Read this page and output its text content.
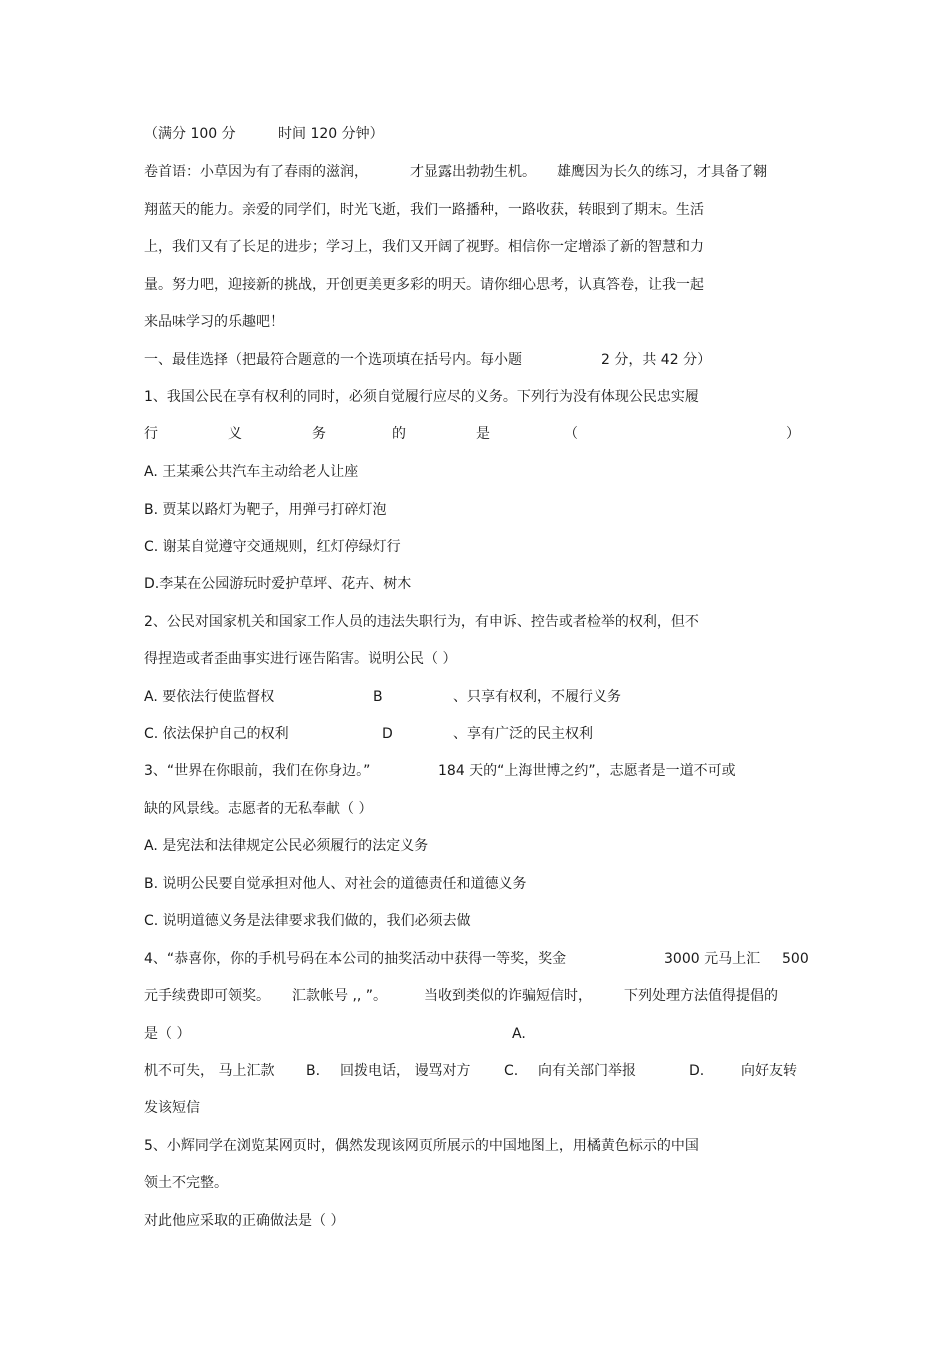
（满分 100 分	时间 120 分钟）
卷首语：小草因为有了春雨的滋润，	才显露出勃勃生机。 雄鹰因为长久的练习，才具备了翱
翔蓝天的能力。亲爱的同学们，时光飞逝，我们一路播种，一路收获，转眼到了期末。生活
上，我们又有了长足的进步；学习上，我们又开阔了视野。相信你一定增添了新的智慧和力
量。努力吧，迎接新的挑战，开创更美更多彩的明天。请你细心思考，认真答卷，让我一起
来品味学习的乐趣吧！
一、最佳选择（把最符合题意的一个选项填在括号内。每小题	2 分，共 42 分）
1、我国公民在享有权利的同时，必须自觉履行应尽的义务。下列行为没有体现公民忠实履
行	义	务	的	是	（	）
A. 王某乘公共汽车主动给老人让座
B. 贾某以路灯为靶子，用弹弓打碎灯泡
C. 谢某自觉遵守交通规则，红灯停绿灯行
D.李某在公园游玩时爱护草坪、花卉、树木
2、公民对国家机关和国家工作人员的违法失职行为，有申诉、控告或者检举的权利，但不
得捏造或者歪曲事实进行诬告陷害。说明公民（ ）
A. 要依法行使监督权	B	、只享有权利，不履行义务
C. 依法保护自己的权利	D	、享有广泛的民主权利
3、“世界在你眼前，我们在你身边。”	184 天的“上海世博之约”，志愿者是一道不可或
缺的风景线。志愿者的无私奉献（ ）
A. 是宪法和法律规定公民必须履行的法定义务
B. 说明公民要自觉承担对他人、对社会的道德责任和道德义务
C. 说明道德义务是法律要求我们做的，我们必须去做
4、“恭喜你，你的手机号码在本公司的抽奖活动中获得一等奖，奖金	3000 元马上汇 500
元手续费即可领奖。 汇款帐号 ,, ”。	当收到类似的诈骗短信时， 下列处理方法值得提倡的
是（ ）	A.
机不可失， 马上汇款 B. 回拨电话， 谩骂对方 C. 向有关部门举报	D.	向好友转
发该短信
5、小辉同学在浏览某网页时，偶然发现该网页所展示的中国地图上，用橘黄色标示的中国
领土不完整。
对此他应采取的正确做法是（ ）
